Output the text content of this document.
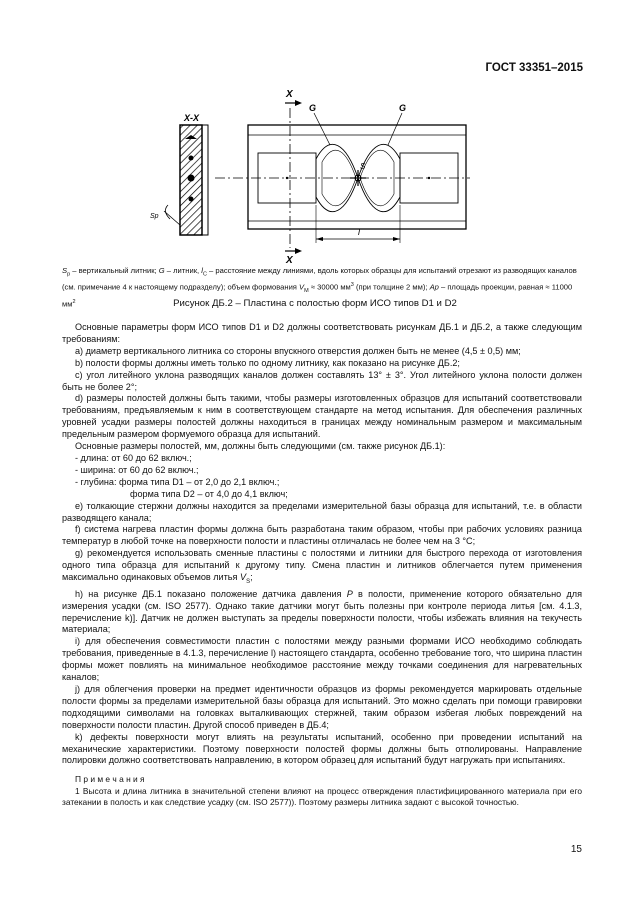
ГОСТ 33351–2015
X-X
Sp
X
X
G	G
S
l
$S_p$ – вертикальный литник; G – литник, $l_C$ – расстояние между линиями, вдоль которых образцы для испытаний отрезают из разводящих каналов (см. примечание 4 к настоящему подразделу); объем формования $V_M \approx 30000$ $мм^3$ (при толщине 2 мм); Ap – площадь проекции, равная ≈ 11000 $мм^2$	Рисунок ДБ.2 – Пластина с полостью форм ИСО типов D1 и D2

Основные параметры форм ИСО типов D1 и D2 должны соответствовать рисункам ДБ.1 и ДБ.2, а также следующим требованиям:

a) диаметр вертикального литника со стороны впускного отверстия должен быть не менее (4,5 ± 0,5) мм;

b) полости формы должны иметь только по одному литнику, как показано на рисунке ДБ.2;

c) угол литейного уклона разводящих каналов должен составлять 13° ± 3°. Угол литейного уклона полости должен быть не более 2°;

d) размеры полостей должны быть такими, чтобы размеры изготовленных образцов для испытаний соответствовали требованиям, предъявляемым к ним в соответствующем стандарте на метод испытания. Для обеспечения различных уровней усадки размеры полостей должны находиться в границах между номинальным размером и максимальным предельным размером формуемого образца для испытаний.

Основные размеры полостей, мм, должны быть следующими (см. также рисунок ДБ.1):

- длина: от 60 до 62 включ.;

- ширина: от 60 до 62 включ.;

- глубина: форма типа D1 – от 2,0 до 2,1 включ.;

форма типа D2 – от 4,0 до 4,1 включ;

e) толкающие стержни должны находится за пределами измерительной базы образца для испытаний, т.е. в области разводящего канала;

f) система нагрева пластин формы должна быть разработана таким образом, чтобы при рабочих условиях разница температур в любой точке на поверхности полости и пластины отличалась не более чем на 3 °С;

g) рекомендуется использовать сменные пластины с полостями и литники для быстрого перехода от изготовления одного типа образца для испытаний к другому типу. Смена пластин и литников облегчается путем применения максимально одинаковых объемов литья $V_S$;

h) на рисунке ДБ.1 показано положение датчика давления P в полости, применение которого обязательно для измерения усадки (см. ISO 2577). Однако такие датчики могут быть полезны при контроле периода литья [см. 4.1.3, перечисление k)]. Датчик не должен выступать за пределы поверхности полости, чтобы избежать влияния на текучесть материала;

i) для обеспечения совместимости пластин с полостями между разными формами ИСО необходимо соблюдать требования, приведенные в 4.1.3, перечисление l) настоящего стандарта, особенно требование того, что ширина пластин формы может повлиять на минимальное необходимое расстояние между точками соединения для нагревательных каналов;

j) для облегчения проверки на предмет идентичности образцов из формы рекомендуется маркировать отдельные полости формы за пределами измерительной базы образца для испытаний. Это можно сделать при помощи гравировки подходящими символами на головках выталкивающих стержней, таким образом избегая любых повреждений на поверхности полости пластин. Другой способ приведен в ДБ.4;

k) дефекты поверхности могут влиять на результаты испытаний, особенно при проведении испытаний на механические характеристики. Поэтому поверхности полостей формы должны быть отполированы. Направление полировки должно соответствовать направлению, в котором образец для испытаний будут нагружать при испытаниях.

П р и м е ч а н и я

1 Высота и длина литника в значительной степени влияют на процесс отверждения пластифицированного материала при его затекании в полость и как следствие усадку (см. ISO 2577)). Поэтому размеры литника задают с высокой точностью.

15
